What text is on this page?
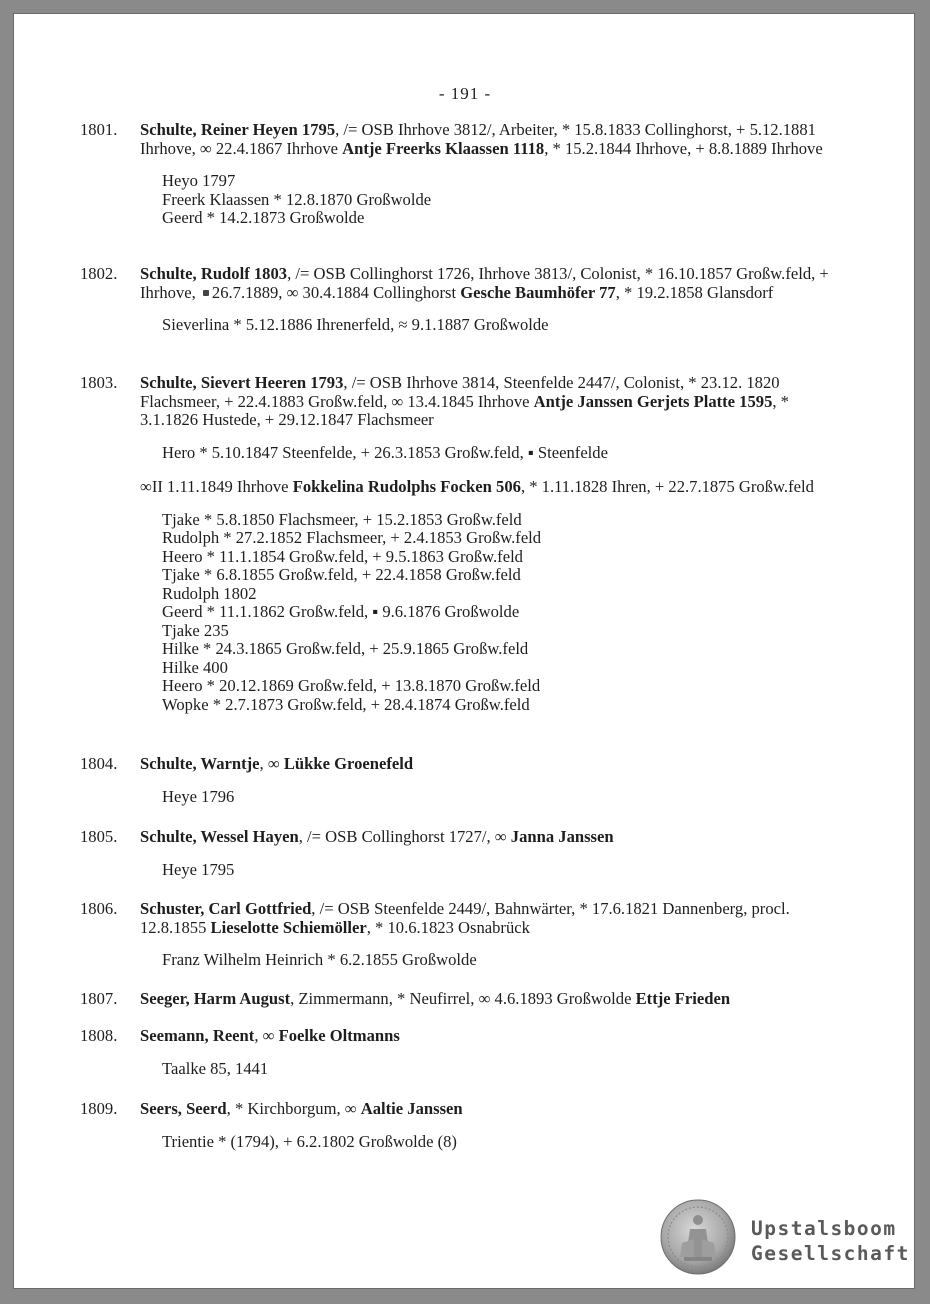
- 191 -
1801.	Schulte, Reiner Heyen 1795, /= OSB Ihrhove 3812/, Arbeiter, * 15.8.1833 Collinghorst, + 5.12.1881 Ihrhove, ∞ 22.4.1867 Ihrhove Antje Freerks Klaassen 1118, * 15.2.1844 Ihrhove, + 8.8.1889 Ihrhove

Heyo 1797
Freerk Klaassen * 12.8.1870 Großwolde
Geerd * 14.2.1873 Großwolde
1802.	Schulte, Rudolf 1803, /= OSB Collinghorst 1726, Ihrhove 3813/, Colonist, * 16.10.1857 Großw.feld, + Ihrhove, 26.7.1889, ∞ 30.4.1884 Collinghorst Gesche Baumhöfer 77, * 19.2.1858 Glansdorf

Sieverlina * 5.12.1886 Ihrenerfeld, ≈ 9.1.1887 Großwolde
1803.	Schulte, Sievert Heeren 1793, /= OSB Ihrhove 3814, Steenfelde 2447/, Colonist, * 23.12. 1820 Flachsmeer, + 22.4.1883 Großw.feld, ∞ 13.4.1845 Ihrhove Antje Janssen Gerjets Platte 1595, * 3.1.1826 Hustede, + 29.12.1847 Flachsmeer

Hero * 5.10.1847 Steenfelde, + 26.3.1853 Großw.feld, ▪ Steenfelde

∞II 1.11.1849 Ihrhove Fokkelina Rudolphs Focken 506, * 1.11.1828 Ihren, + 22.7.1875 Großw.feld

Tjake * 5.8.1850 Flachsmeer, + 15.2.1853 Großw.feld
Rudolph * 27.2.1852 Flachsmeer, + 2.4.1853 Großw.feld
Heero * 11.1.1854 Großw.feld, + 9.5.1863 Großw.feld
Tjake * 6.8.1855 Großw.feld, + 22.4.1858 Großw.feld
Rudolph 1802
Geerd * 11.1.1862 Großw.feld, ▪ 9.6.1876 Großwolde
Tjake 235
Hilke * 24.3.1865 Großw.feld, + 25.9.1865 Großw.feld
Hilke 400
Heero * 20.12.1869 Großw.feld, + 13.8.1870 Großw.feld
Wopke * 2.7.1873 Großw.feld, + 28.4.1874 Großw.feld
1804.	Schulte, Warntje, ∞ Lükke Groenefeld

Heye 1796
1805.	Schulte, Wessel Hayen, /= OSB Collinghorst 1727/, ∞ Janna Janssen

Heye 1795
1806.	Schuster, Carl Gottfried, /= OSB Steenfelde 2449/, Bahnwärter, * 17.6.1821 Dannenberg, procl. 12.8.1855 Lieselotte Schiemöller, * 10.6.1823 Osnabrück

Franz Wilhelm Heinrich * 6.2.1855 Großwolde
1807.	Seeger, Harm August, Zimmermann, * Neufirrel, ∞ 4.6.1893 Großwolde Ettje Frieden

1808.	Seemann, Reent, ∞ Foelke Oltmanns

Taalke 85, 1441
1809.	Seers, Seerd, * Kirchborgum, ∞ Aaltie Janssen

Trientie * (1794), + 6.2.1802 Großwolde (8)
Upstalsboom
Gesellschaft
